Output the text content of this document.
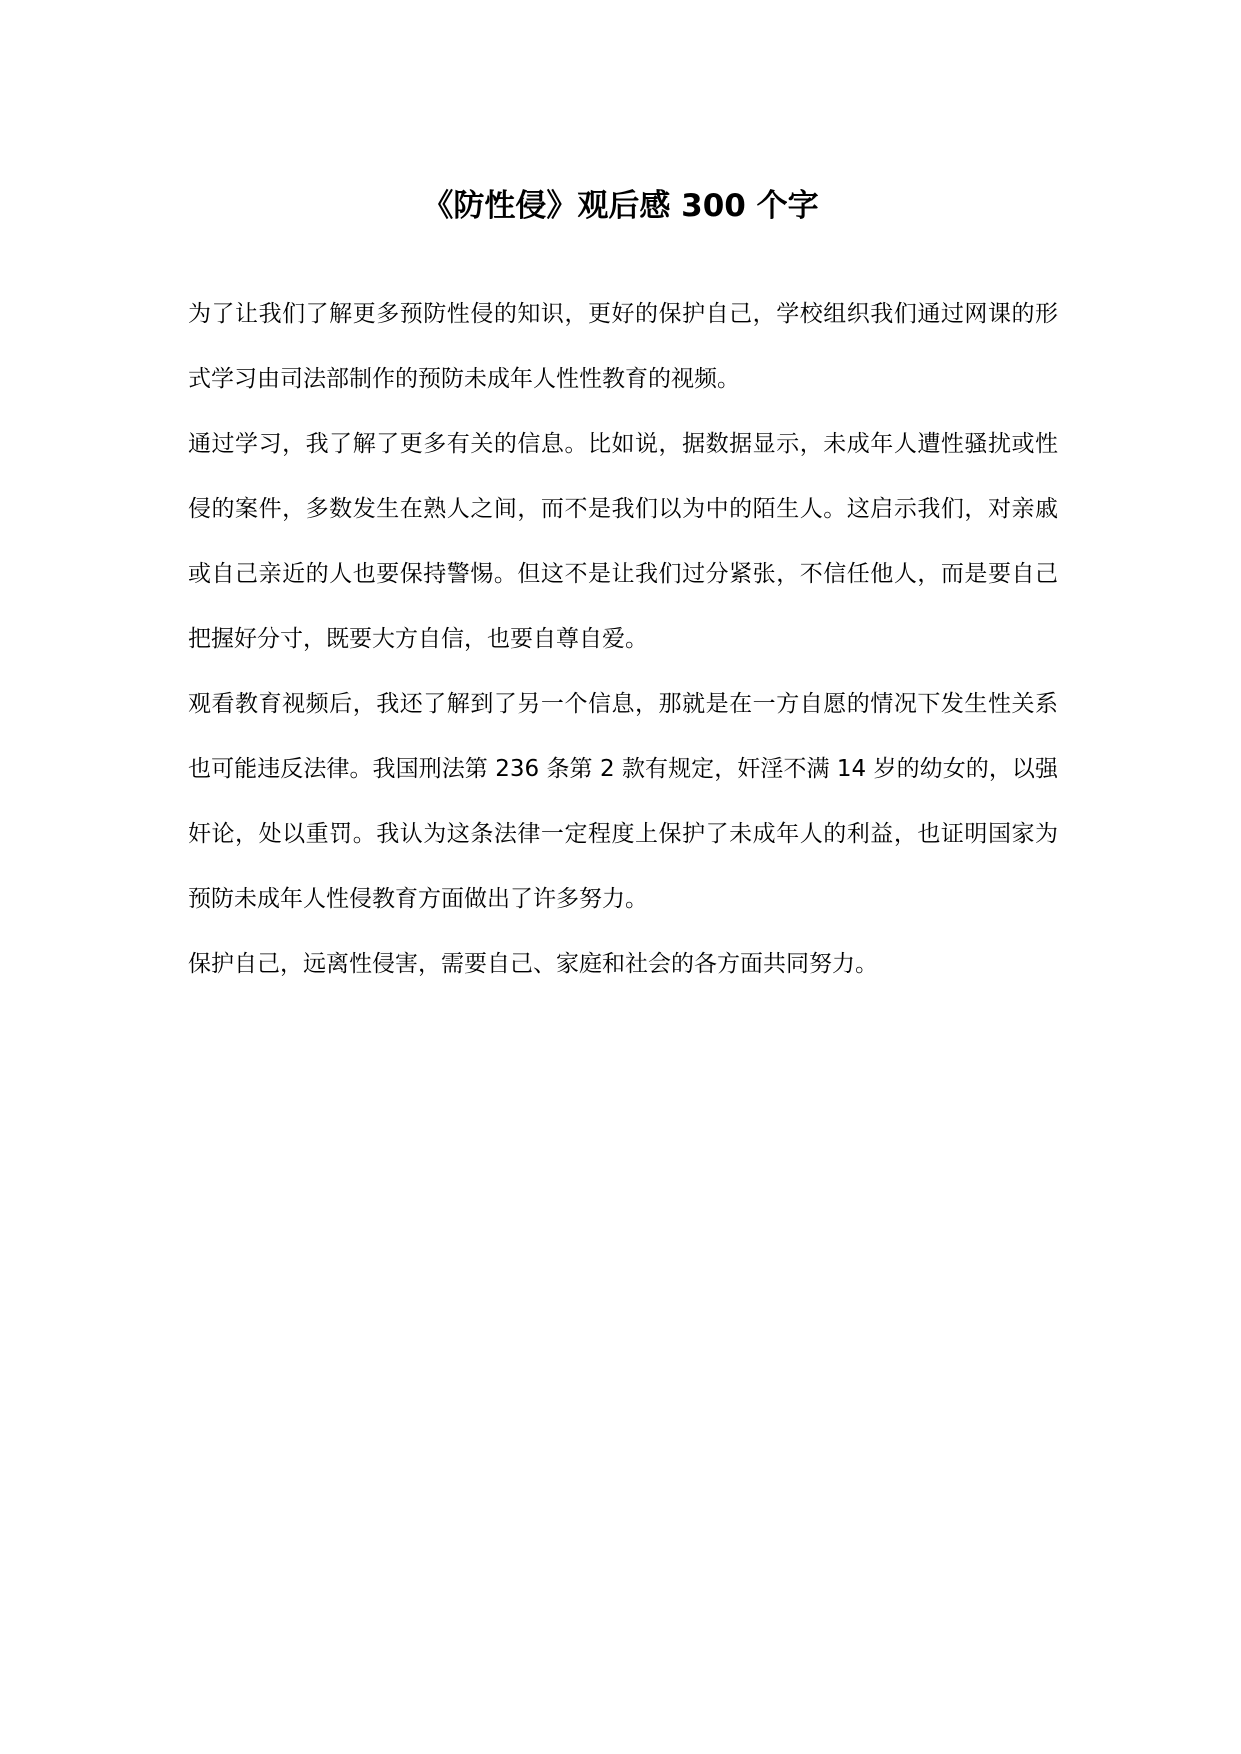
《防性侵》观后感 300 个字

为了让我们了解更多预防性侵的知识，更好的保护自己，学校组织我们通过网课的形式学习由司法部制作的预防未成年人性性教育的视频。

通过学习，我了解了更多有关的信息。比如说，据数据显示，未成年人遭性骚扰或性侵的案件，多数发生在熟人之间，而不是我们以为中的陌生人。这启示我们，对亲戚或自己亲近的人也要保持警惕。但这不是让我们过分紧张，不信任他人，而是要自己把握好分寸，既要大方自信，也要自尊自爱。

观看教育视频后，我还了解到了另一个信息，那就是在一方自愿的情况下发生性关系也可能违反法律。我国刑法第 236 条第 2 款有规定，奸淫不满 14 岁的幼女的，以强奸论，处以重罚。我认为这条法律一定程度上保护了未成年人的利益，也证明国家为预防未成年人性侵教育方面做出了许多努力。

保护自己，远离性侵害，需要自己、家庭和社会的各方面共同努力。
